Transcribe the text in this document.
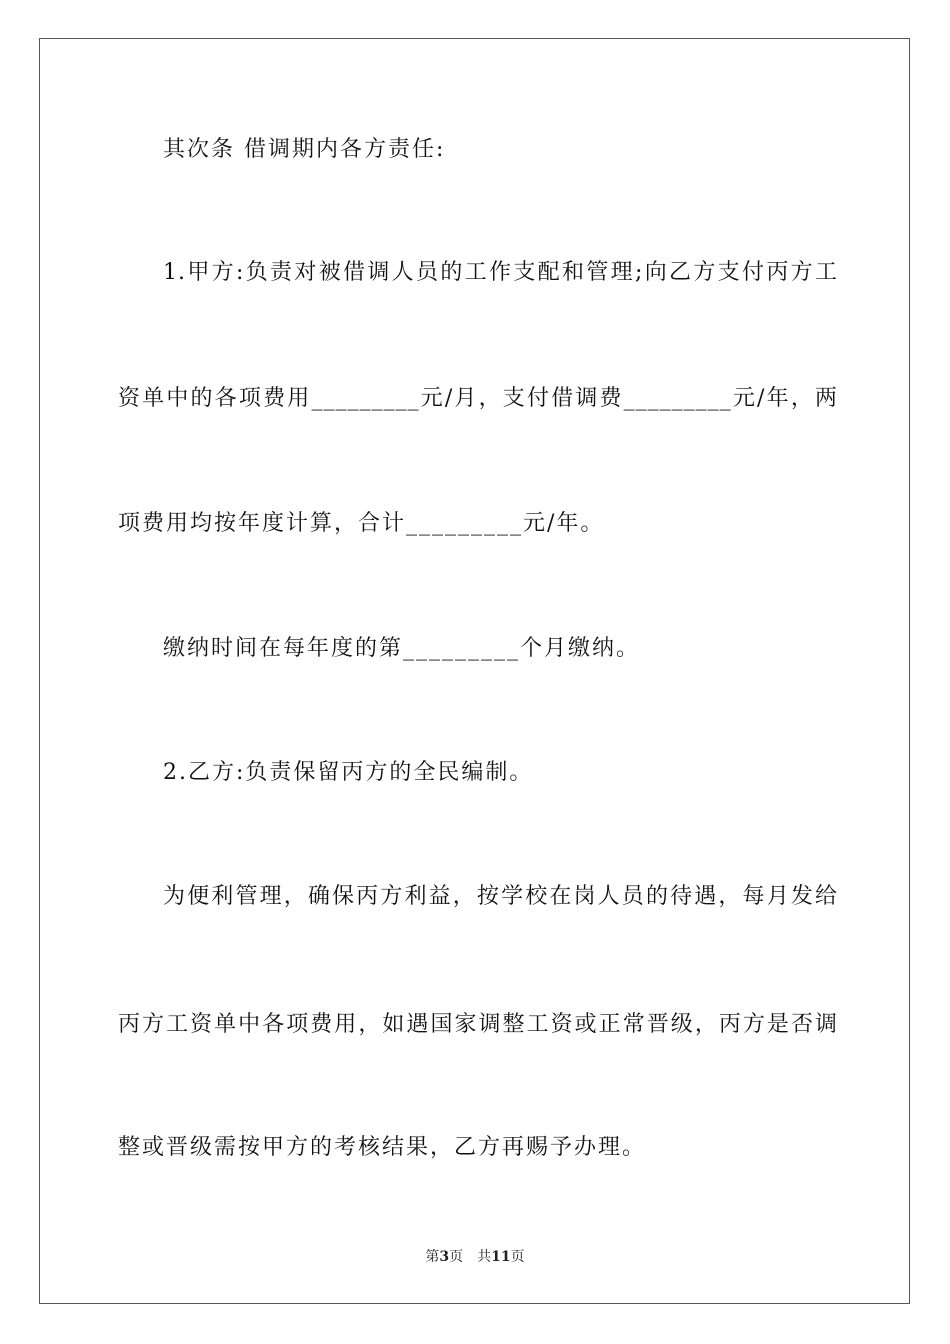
其次条 借调期内各方责任:
1.甲方:负责对被借调人员的工作支配和管理;向乙方支付丙方工
资单中的各项费用_________元/月，支付借调费_________元/年，两
项费用均按年度计算，合计_________元/年。
缴纳时间在每年度的第_________个月缴纳。
2.乙方:负责保留丙方的全民编制。
为便利管理，确保丙方利益，按学校在岗人员的待遇，每月发给
丙方工资单中各项费用，如遇国家调整工资或正常晋级，丙方是否调
整或晋级需按甲方的考核结果，乙方再赐予办理。
第3页 共11页
